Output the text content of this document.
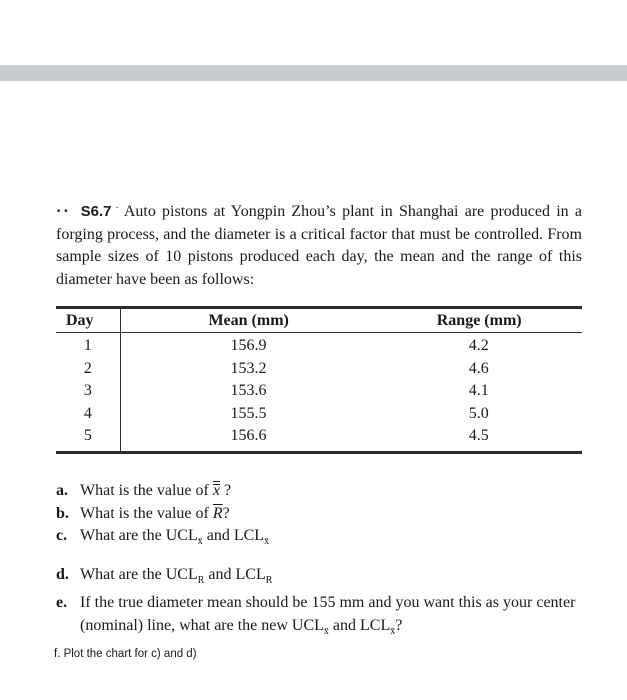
•• S6.7 · Auto pistons at Yongpin Zhou’s plant in Shanghai are produced in a forging process, and the diameter is a critical factor that must be controlled. From sample sizes of 10 pistons produced each day, the mean and the range of this diameter have been as follows:
Day	Mean (mm)	Range (mm)
1	156.9	4.2
2	153.2	4.6
3	153.6	4.1
4	155.5	5.0
5	156.6	4.5
a. What is the value of x ?
b. What is the value of $\overline{R}$?
c. What are the $UCL_{x̄}$ and $LCL_{x̄}$
d. What are the $UCL_R$ and $LCL_R$
e. If the true diameter mean should be 155 mm and you want this as your center (nominal) line, what are the new $UCL_{x̄}$ and $LCL_{x̄}$?
f. Plot the chart for c) and d)
